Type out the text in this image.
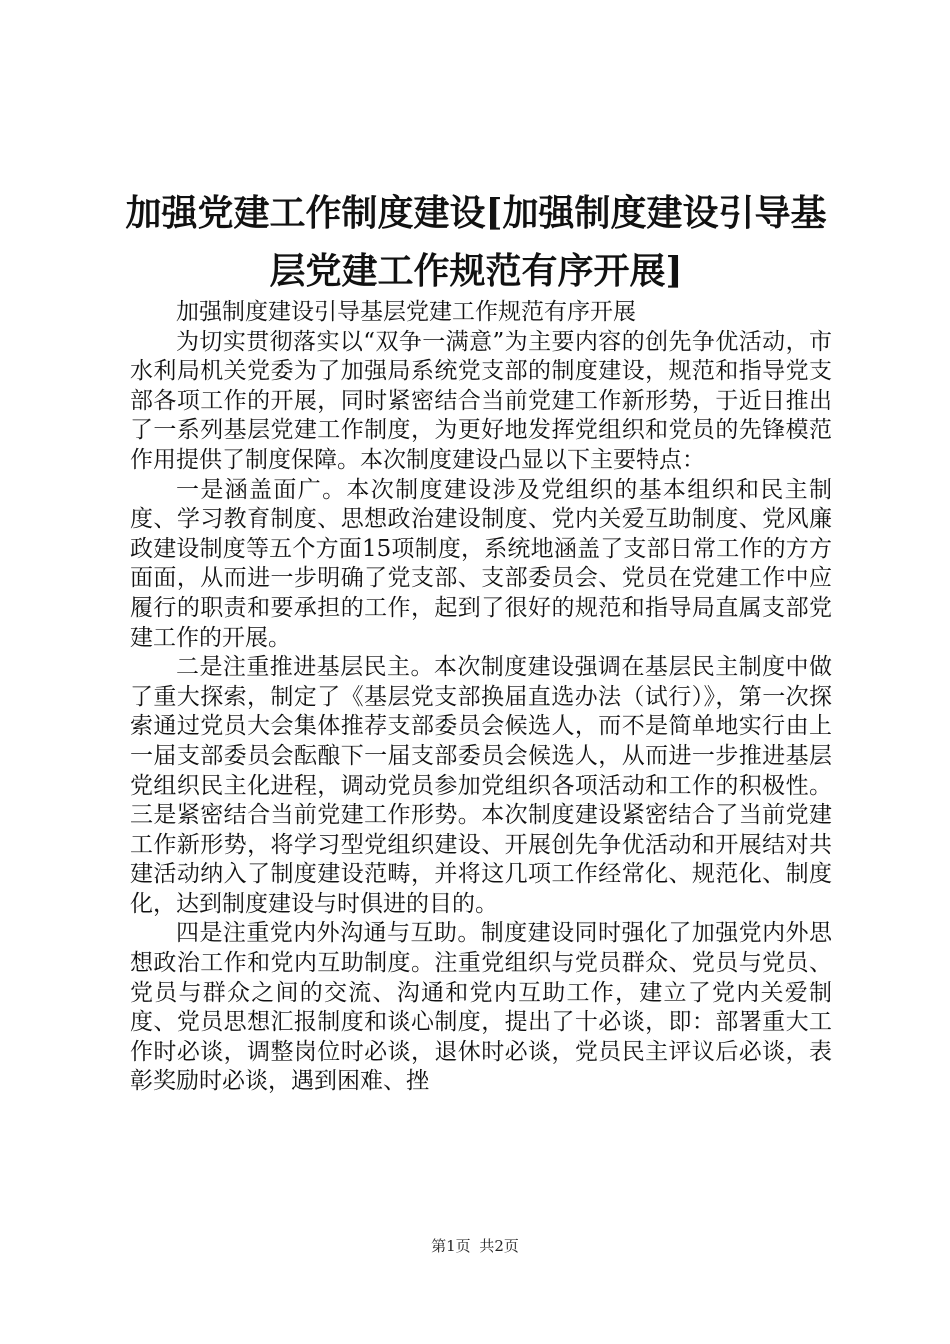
加强党建工作制度建设[加强制度建设引导基
层党建工作规范有序开展]

加强制度建设引导基层党建工作规范有序开展

为切实贯彻落实以“双争一满意”为主要内容的创先争优活动，市水利局机关党委为了加强局系统党支部的制度建设，规范和指导党支部各项工作的开展，同时紧密结合当前党建工作新形势，于近日推出了一系列基层党建工作制度，为更好地发挥党组织和党员的先锋模范作用提供了制度保障。本次制度建设凸显以下主要特点：

一是涵盖面广。本次制度建设涉及党组织的基本组织和民主制度、学习教育制度、思想政治建设制度、党内关爱互助制度、党风廉政建设制度等五个方面15项制度，系统地涵盖了支部日常工作的方方面面，从而进一步明确了党支部、支部委员会、党员在党建工作中应履行的职责和要承担的工作，起到了很好的规范和指导局直属支部党建工作的开展。

二是注重推进基层民主。本次制度建设强调在基层民主制度中做了重大探索，制定了《基层党支部换届直选办法（试行）》，第一次探索通过党员大会集体推荐支部委员会候选人，而不是简单地实行由上一届支部委员会酝酿下一届支部委员会候选人，从而进一步推进基层党组织民主化进程，调动党员参加党组织各项活动和工作的积极性。三是紧密结合当前党建工作形势。本次制度建设紧密结合了当前党建工作新形势，将学习型党组织建设、开展创先争优活动和开展结对共建活动纳入了制度建设范畴，并将这几项工作经常化、规范化、制度化，达到制度建设与时俱进的目的。

四是注重党内外沟通与互助。制度建设同时强化了加强党内外思想政治工作和党内互助制度。注重党组织与党员群众、党员与党员、党员与群众之间的交流、沟通和党内互助工作，建立了党内关爱制度、党员思想汇报制度和谈心制度，提出了十必谈，即：部署重大工作时必谈，调整岗位时必谈，退休时必谈，党员民主评议后必谈，表彰奖励时必谈，遇到困难、挫

第1页 共2页
